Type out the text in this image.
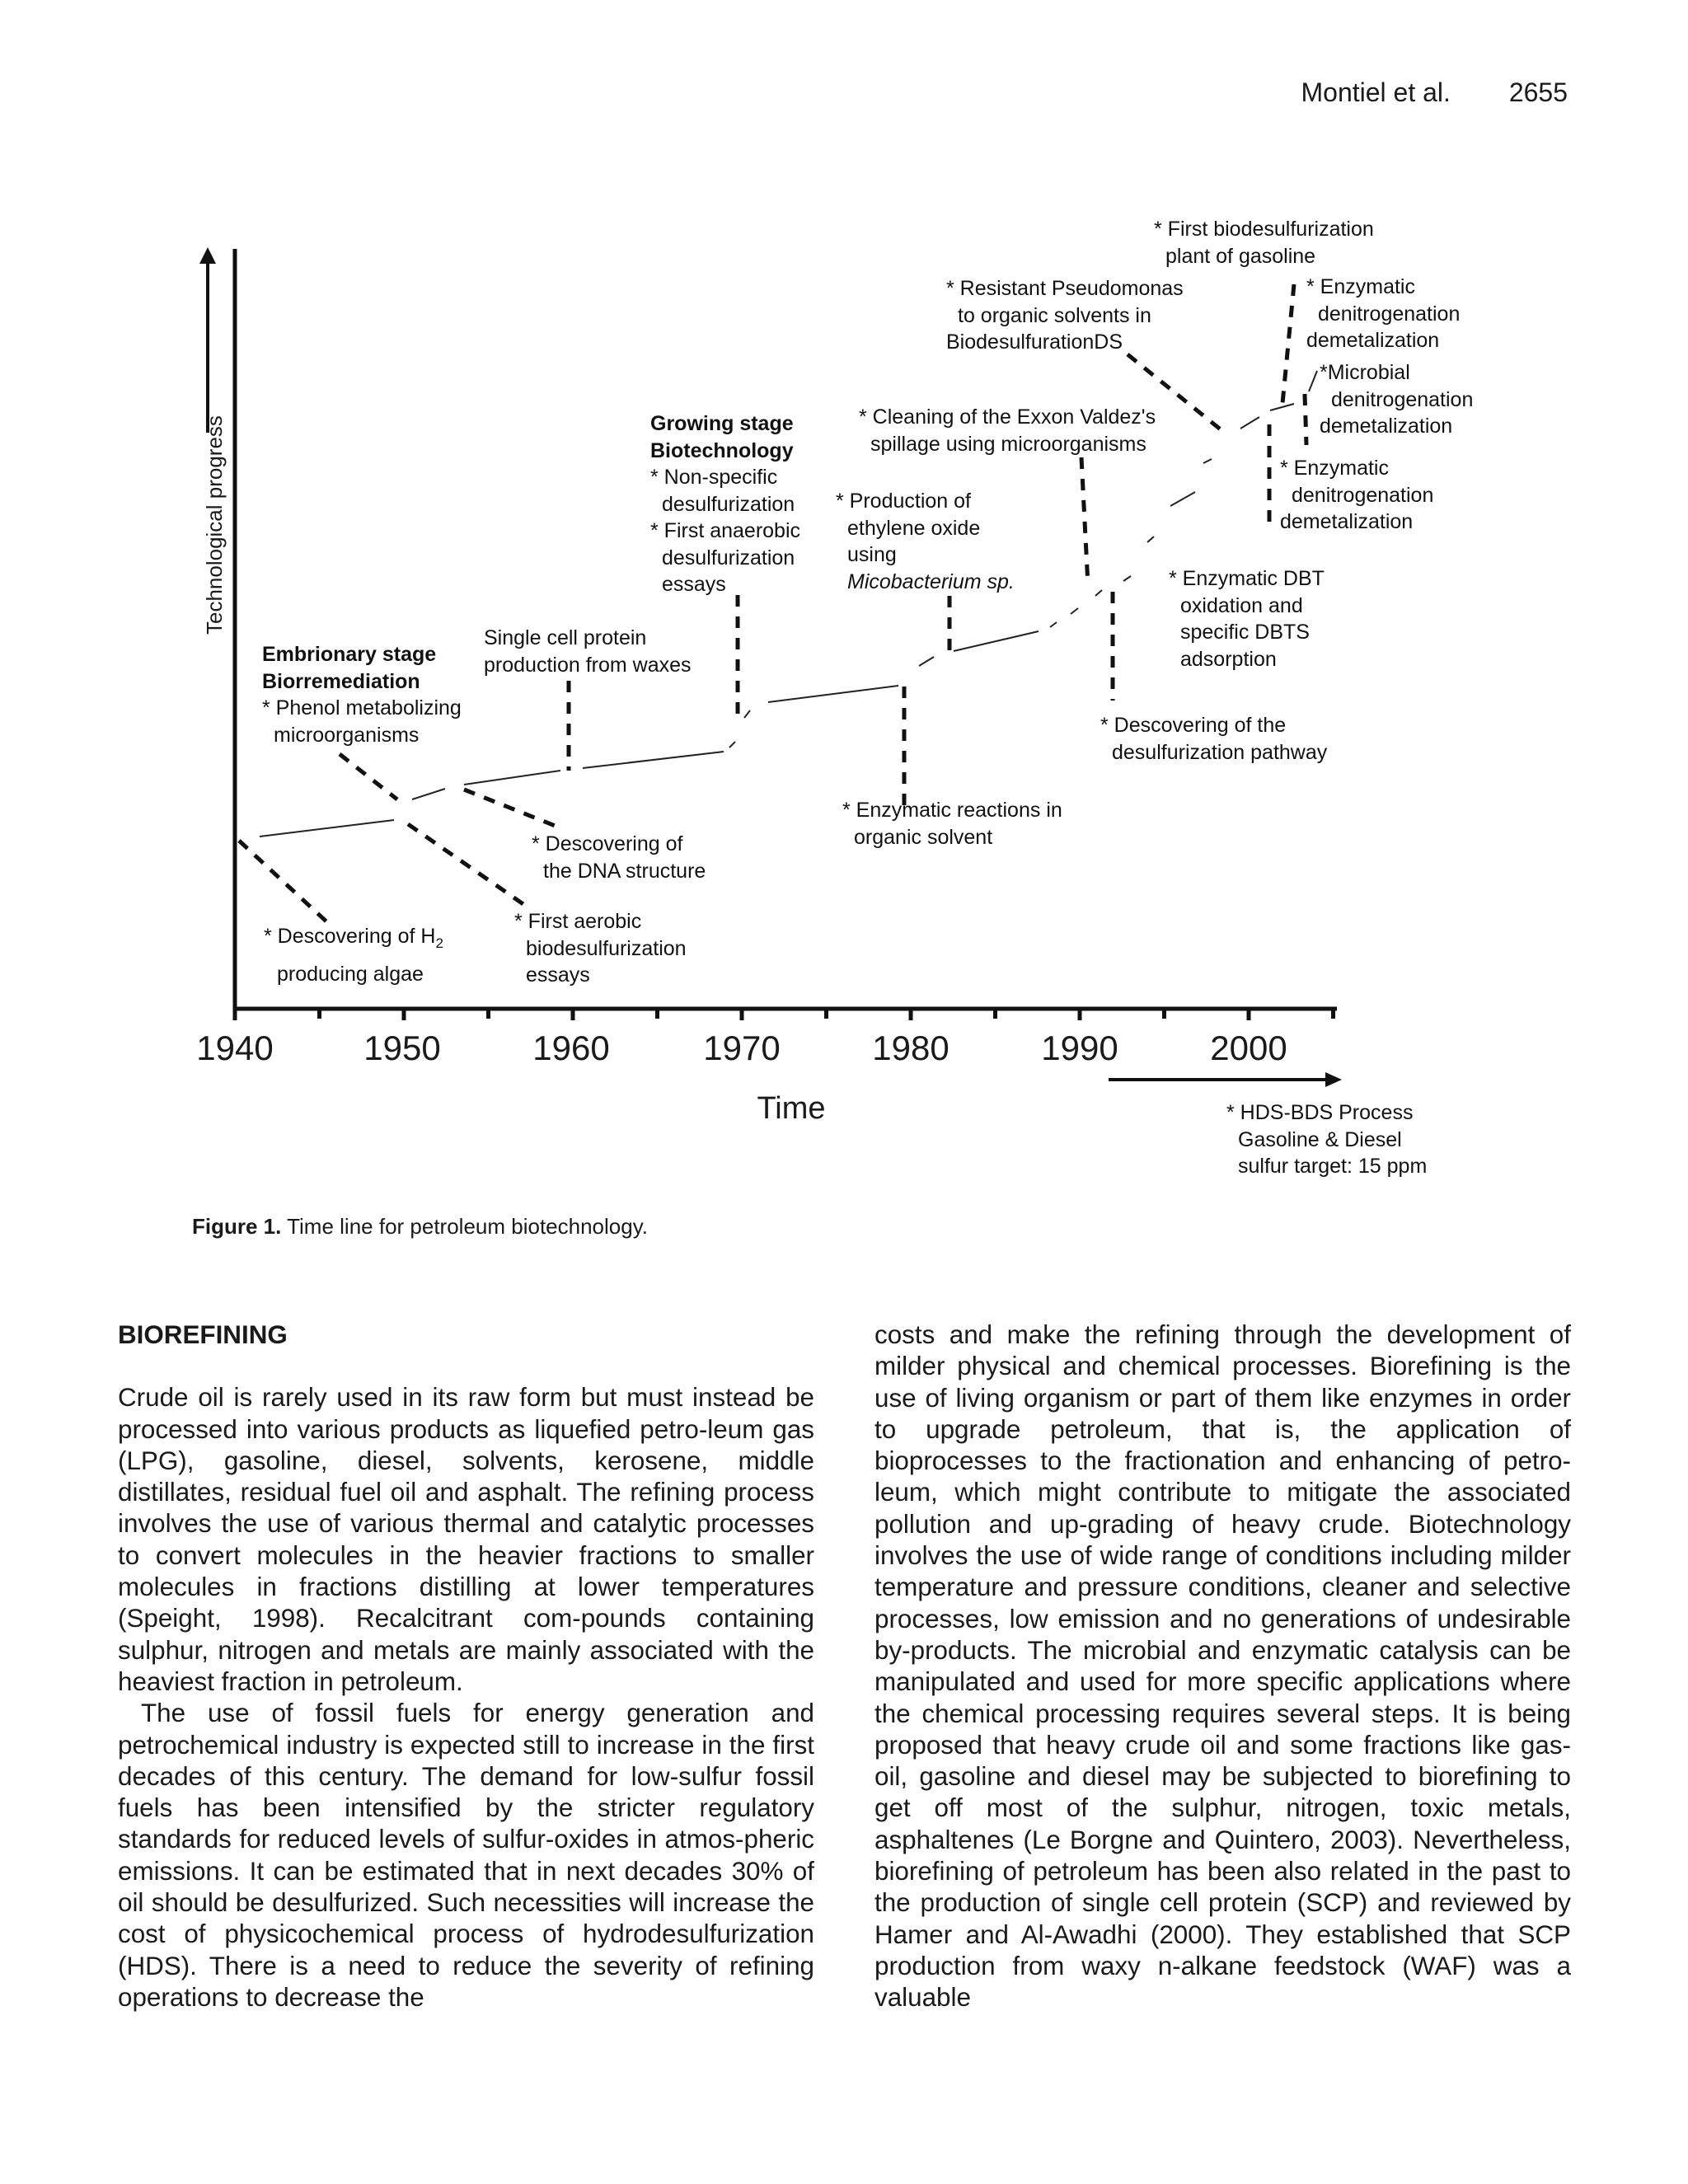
Montiel et al. 2655
Technological progress
Time
1940	1950	1960	1970	1980	1990	2000
* Descovering of $H_2$
producing algae
Embrionary stage
Biorremediation
* Phenol metabolizing
microorganisms
* First aerobic
biodesulfurization
essays
* Descovering of
the DNA structure
Single cell protein
production from waxes
Growing stage
Biotechnology
* Non-specific
desulfurization
* First anaerobic
desulfurization
essays
* Production of
ethylene oxide
using
Micobacterium sp.
* Enzymatic reactions in
organic solvent
* Cleaning of the Exxon Valdez's
spillage using microorganisms
* Resistant Pseudomonas
to organic solvents in
BiodesulfurationDS
* Enzymatic DBT
oxidation and
specific DBTS
adsorption
* Descovering of the
desulfurization pathway
* First biodesulfurization
plant of gasoline
* Enzymatic
denitrogenation
demetalization
*Microbial
denitrogenation
demetalization
* Enzymatic
denitrogenation
demetalization
* HDS-BDS Process
Gasoline & Diesel
sulfur target: 15 ppm
Figure 1. Time line for petroleum biotechnology.
BIOREFINING

Crude oil is rarely used in its raw form but must instead be processed into various products as liquefied petro-leum gas (LPG), gasoline, diesel, solvents, kerosene, middle distillates, residual fuel oil and asphalt. The refining process involves the use of various thermal and catalytic processes to convert molecules in the heavier fractions to smaller molecules in fractions distilling at lower temperatures (Speight, 1998). Recalcitrant com-pounds containing sulphur, nitrogen and metals are mainly associated with the heaviest fraction in petroleum.

The use of fossil fuels for energy generation and petrochemical industry is expected still to increase in the first decades of this century. The demand for low-sulfur fossil fuels has been intensified by the stricter regulatory standards for reduced levels of sulfur-oxides in atmos-pheric emissions. It can be estimated that in next decades 30% of oil should be desulfurized. Such necessities will increase the cost of physicochemical process of hydrodesulfurization (HDS). There is a need to reduce the severity of refining operations to decrease the

costs and make the refining through the development of milder physical and chemical processes. Biorefining is the use of living organism or part of them like enzymes in order to upgrade petroleum, that is, the application of bioprocesses to the fractionation and enhancing of petro-leum, which might contribute to mitigate the associated pollution and up-grading of heavy crude. Biotechnology involves the use of wide range of conditions including milder temperature and pressure conditions, cleaner and selective processes, low emission and no generations of undesirable by-products. The microbial and enzymatic catalysis can be manipulated and used for more specific applications where the chemical processing requires several steps. It is being proposed that heavy crude oil and some fractions like gas-oil, gasoline and diesel may be subjected to biorefining to get off most of the sulphur, nitrogen, toxic metals, asphaltenes (Le Borgne and Quintero, 2003). Nevertheless, biorefining of petroleum has been also related in the past to the production of single cell protein (SCP) and reviewed by Hamer and Al-Awadhi (2000). They established that SCP production from waxy n-alkane feedstock (WAF) was a valuable
